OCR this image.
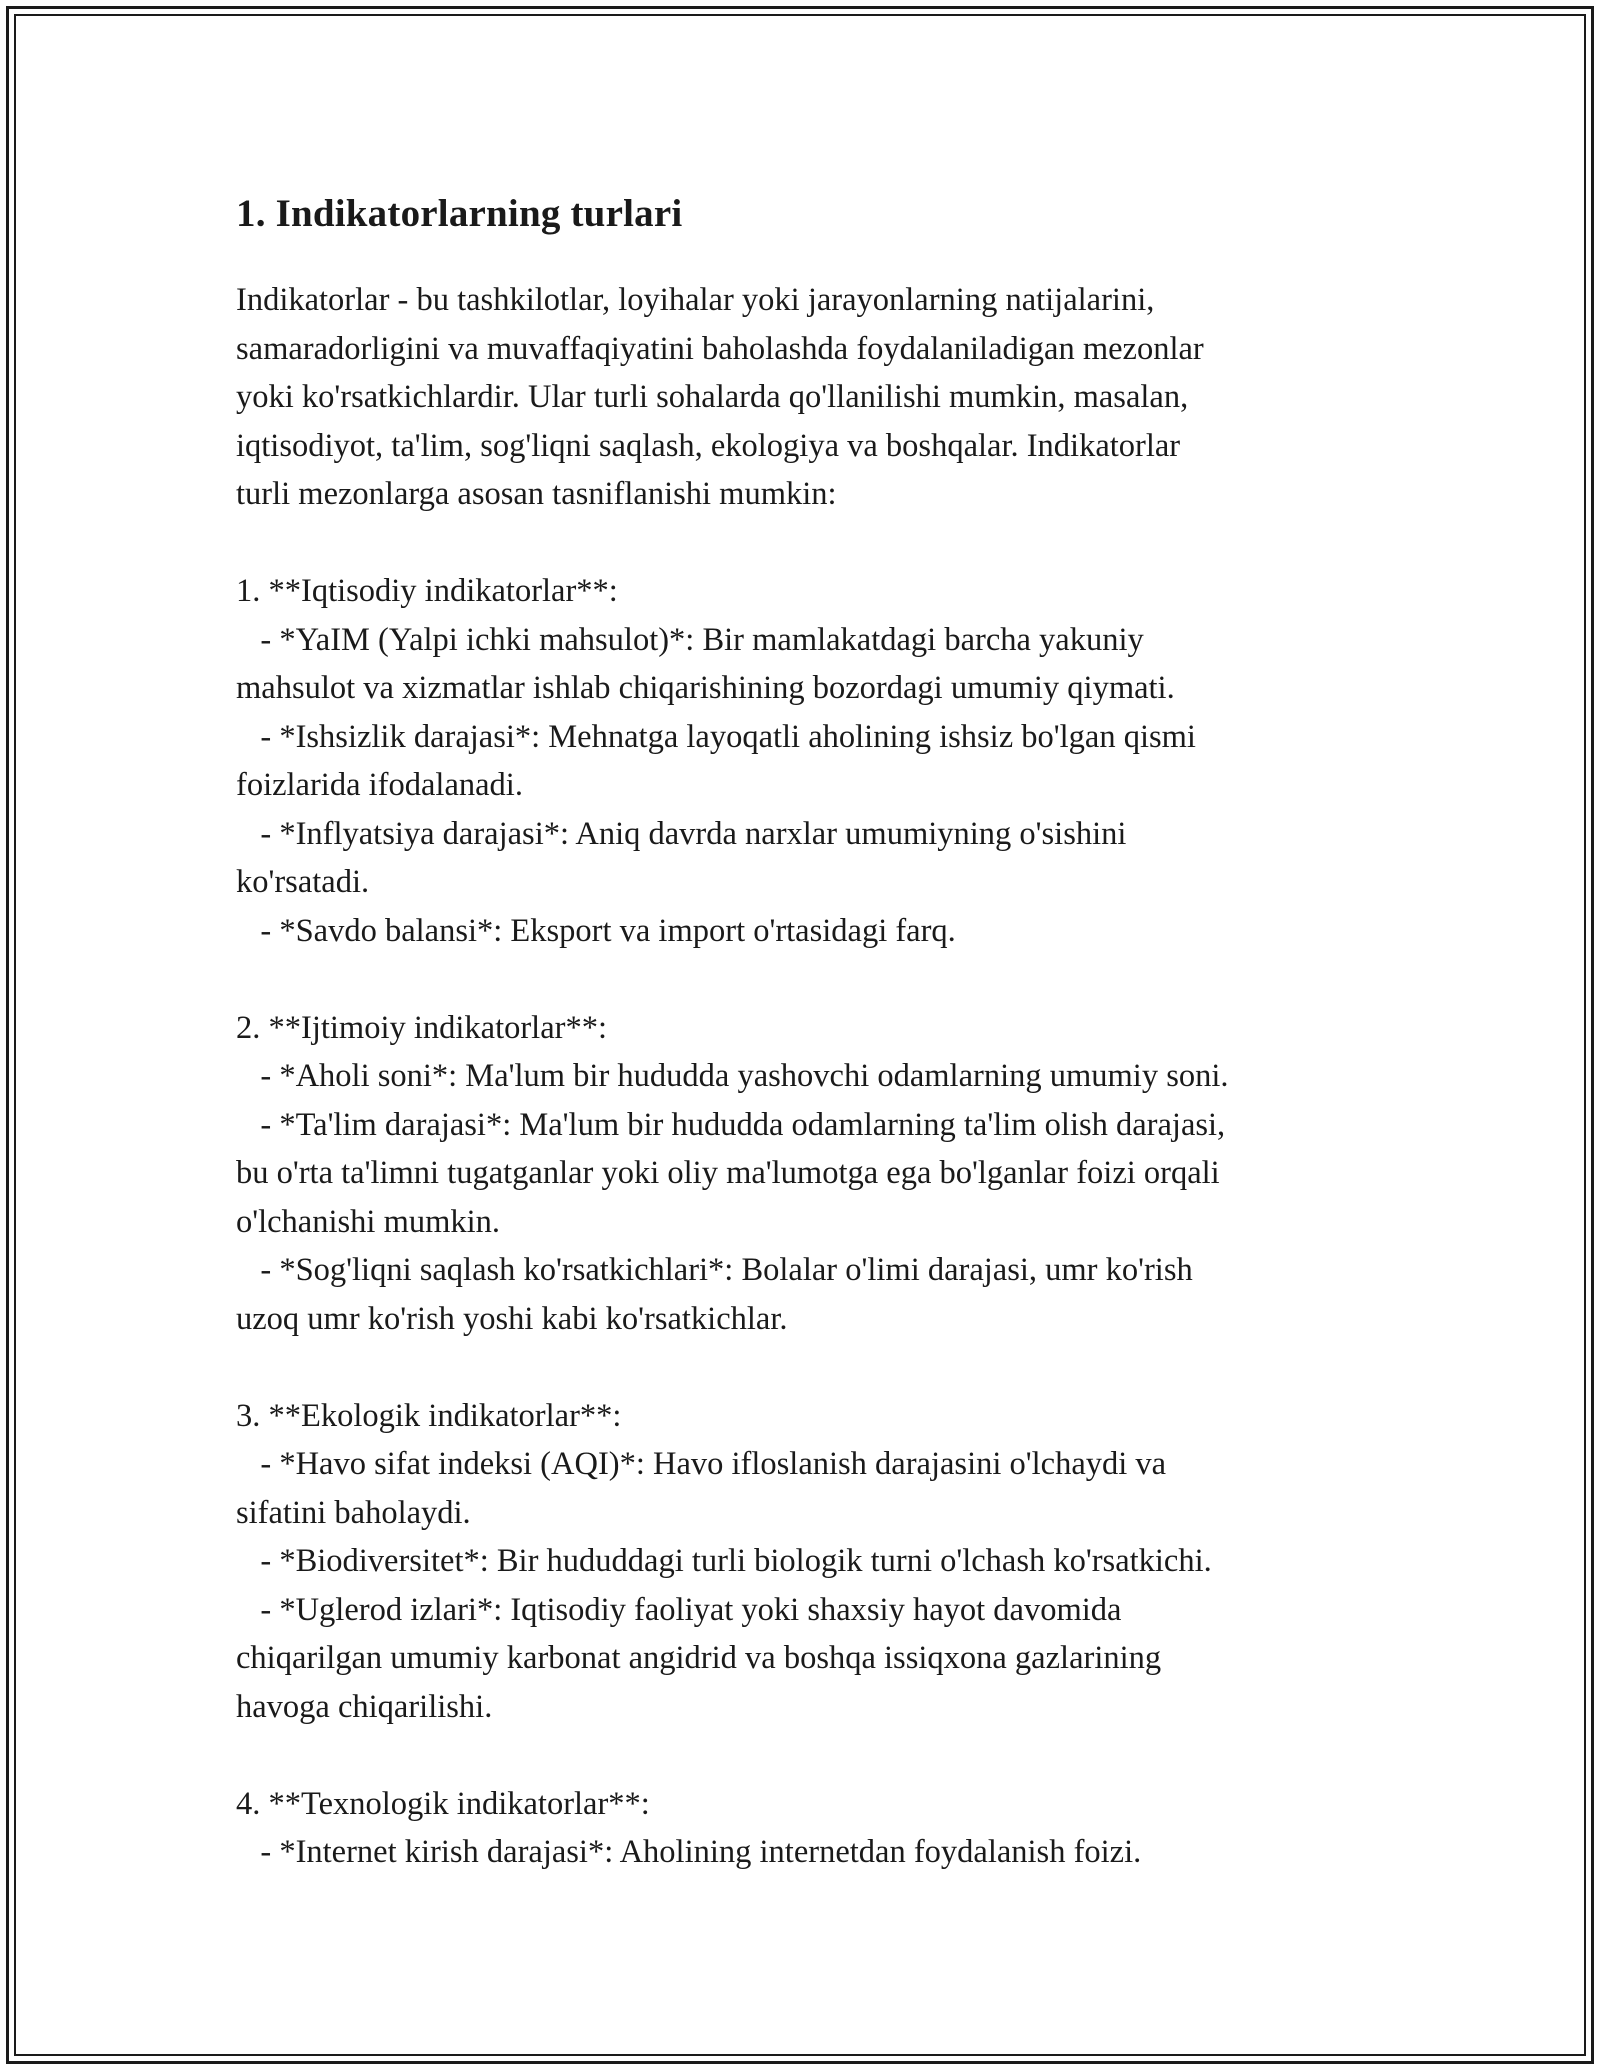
1. Indikatorlarning turlari

Indikatorlar - bu tashkilotlar, loyihalar yoki jarayonlarning natijalarini,
samaradorligini va muvaffaqiyatini baholashda foydalaniladigan mezonlar
yoki ko'rsatkichlardir. Ular turli sohalarda qo'llanilishi mumkin, masalan,
iqtisodiyot, ta'lim, sog'liqni saqlash, ekologiya va boshqalar. Indikatorlar
turli mezonlarga asosan tasniflanishi mumkin:

1. **Iqtisodiy indikatorlar**:
- *YaIM (Yalpi ichki mahsulot)*: Bir mamlakatdagi barcha yakuniy
mahsulot va xizmatlar ishlab chiqarishining bozordagi umumiy qiymati.
- *Ishsizlik darajasi*: Mehnatga layoqatli aholining ishsiz bo'lgan qismi
foizlarida ifodalanadi.
- *Inflyatsiya darajasi*: Aniq davrda narxlar umumiyning o'sishini
ko'rsatadi.
- *Savdo balansi*: Eksport va import o'rtasidagi farq.

2. **Ijtimoiy indikatorlar**:
- *Aholi soni*: Ma'lum bir hududda yashovchi odamlarning umumiy soni.
- *Ta'lim darajasi*: Ma'lum bir hududda odamlarning ta'lim olish darajasi,
bu o'rta ta'limni tugatganlar yoki oliy ma'lumotga ega bo'lganlar foizi orqali
o'lchanishi mumkin.
- *Sog'liqni saqlash ko'rsatkichlari*: Bolalar o'limi darajasi, umr ko'rish
uzoq umr ko'rish yoshi kabi ko'rsatkichlar.

3. **Ekologik indikatorlar**:
- *Havo sifat indeksi (AQI)*: Havo ifloslanish darajasini o'lchaydi va
sifatini baholaydi.
- *Biodiversitet*: Bir hududdagi turli biologik turni o'lchash ko'rsatkichi.
- *Uglerod izlari*: Iqtisodiy faoliyat yoki shaxsiy hayot davomida
chiqarilgan umumiy karbonat angidrid va boshqa issiqxona gazlarining
havoga chiqarilishi.

4. **Texnologik indikatorlar**:
- *Internet kirish darajasi*: Aholining internetdan foydalanish foizi.
